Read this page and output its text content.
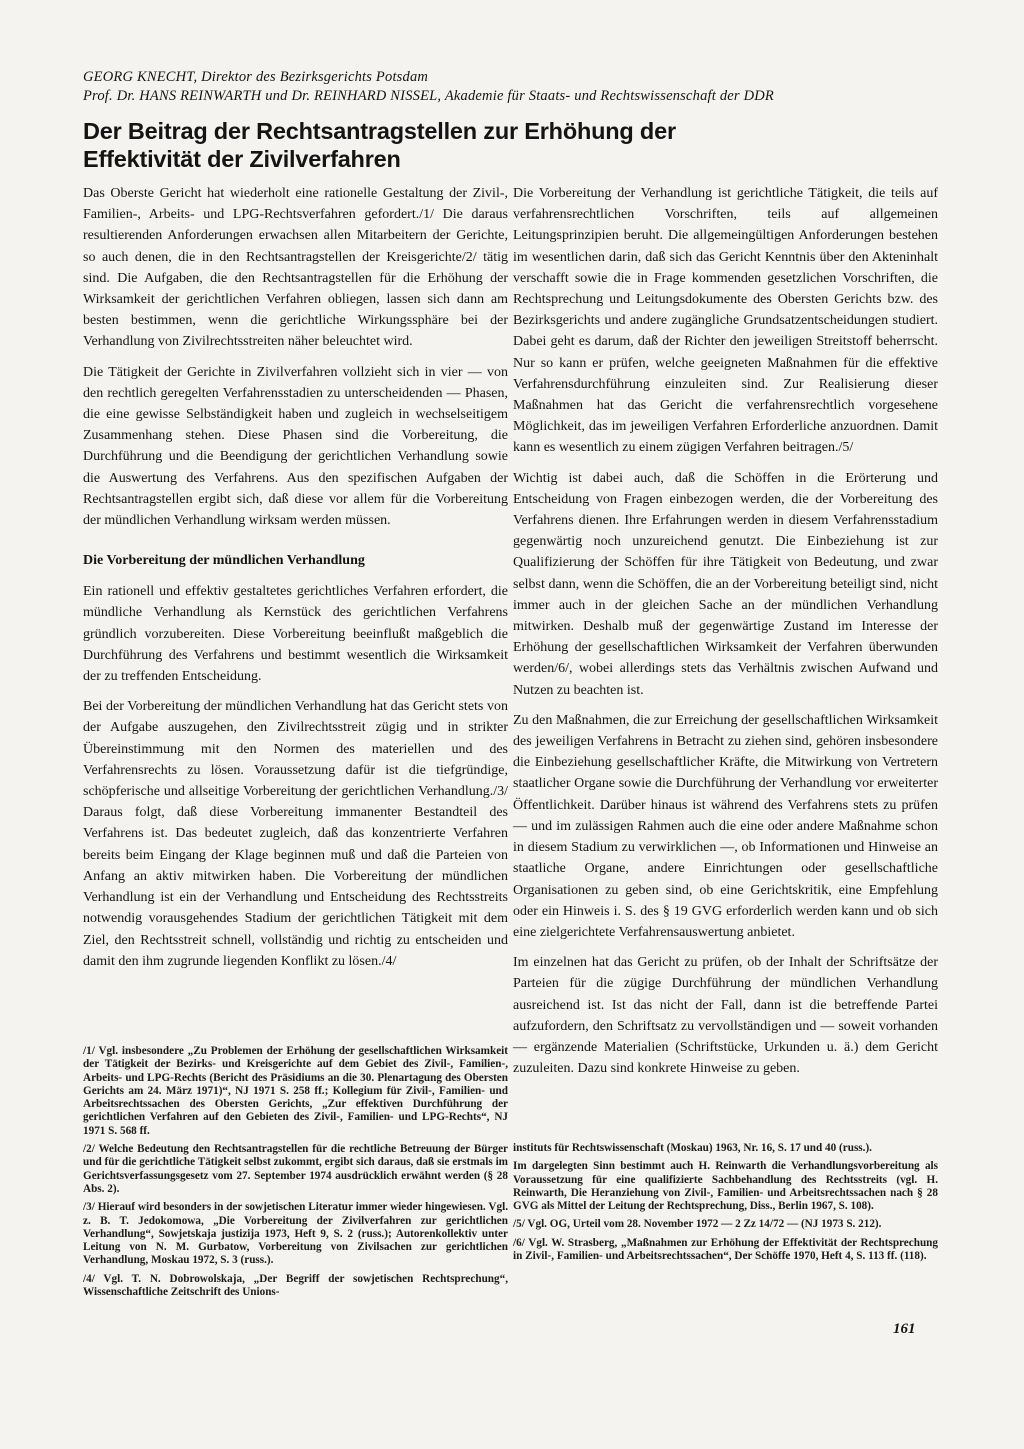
GEORG KNECHT, Direktor des Bezirksgerichts Potsdam

Prof. Dr. HANS REINWARTH und Dr. REINHARD NISSEL, Akademie für Staats- und Rechtswissenschaft der DDR

Der Beitrag der Rechtsantragstellen zur Erhöhung der Effektivität der Zivilverfahren

Das Oberste Gericht hat wiederholt eine rationelle Gestaltung der Zivil-, Familien-, Arbeits- und LPG-Rechtsverfahren gefordert./1/ Die daraus resultierenden Anforderungen erwachsen allen Mitarbeitern der Gerichte, so auch denen, die in den Rechtsantragstellen der Kreisgerichte/2/ tätig sind. Die Aufgaben, die den Rechtsantragstellen für die Erhöhung der Wirksamkeit der gerichtlichen Verfahren obliegen, lassen sich dann am besten bestimmen, wenn die gerichtliche Wirkungssphäre bei der Verhandlung von Zivilrechtsstreiten näher beleuchtet wird.

Die Tätigkeit der Gerichte in Zivilverfahren vollzieht sich in vier — von den rechtlich geregelten Verfahrensstadien zu unterscheidenden — Phasen, die eine gewisse Selbständigkeit haben und zugleich in wechselseitigem Zusammenhang stehen. Diese Phasen sind die Vorbereitung, die Durchführung und die Beendigung der gerichtlichen Verhandlung sowie die Auswertung des Verfahrens. Aus den spezifischen Aufgaben der Rechtsantragstellen ergibt sich, daß diese vor allem für die Vorbereitung der mündlichen Verhandlung wirksam werden müssen.

Die Vorbereitung der mündlichen Verhandlung

Ein rationell und effektiv gestaltetes gerichtliches Verfahren erfordert, die mündliche Verhandlung als Kernstück des gerichtlichen Verfahrens gründlich vorzubereiten. Diese Vorbereitung beeinflußt maßgeblich die Durchführung des Verfahrens und bestimmt wesentlich die Wirksamkeit der zu treffenden Entscheidung.

Bei der Vorbereitung der mündlichen Verhandlung hat das Gericht stets von der Aufgabe auszugehen, den Zivilrechtsstreit zügig und in strikter Übereinstimmung mit den Normen des materiellen und des Verfahrensrechts zu lösen. Voraussetzung dafür ist die tiefgründige, schöpferische und allseitige Vorbereitung der gerichtlichen Verhandlung./3/ Daraus folgt, daß diese Vorbereitung immanenter Bestandteil des Verfahrens ist. Das bedeutet zugleich, daß das konzentrierte Verfahren bereits beim Eingang der Klage beginnen muß und daß die Parteien von Anfang an aktiv mitwirken haben. Die Vorbereitung der mündlichen Verhandlung ist ein der Verhandlung und Entscheidung des Rechtsstreits notwendig vorausgehendes Stadium der gerichtlichen Tätigkeit mit dem Ziel, den Rechtsstreit schnell, vollständig und richtig zu entscheiden und damit den ihm zugrunde liegenden Konflikt zu lösen./4/

Die Vorbereitung der Verhandlung ist gerichtliche Tätigkeit, die teils auf verfahrensrechtlichen Vorschriften, teils auf allgemeinen Leitungsprinzipien beruht. Die allgemeingültigen Anforderungen bestehen im wesentlichen darin, daß sich das Gericht Kenntnis über den Akteninhalt verschafft sowie die in Frage kommenden gesetzlichen Vorschriften, die Rechtsprechung und Leitungsdokumente des Obersten Gerichts bzw. des Bezirksgerichts und andere zugängliche Grundsatzentscheidungen studiert. Dabei geht es darum, daß der Richter den jeweiligen Streitstoff beherrscht. Nur so kann er prüfen, welche geeigneten Maßnahmen für die effektive Verfahrensdurchführung einzuleiten sind. Zur Realisierung dieser Maßnahmen hat das Gericht die verfahrensrechtlich vorgesehene Möglichkeit, das im jeweiligen Verfahren Erforderliche anzuordnen. Damit kann es wesentlich zu einem zügigen Verfahren beitragen./5/

Wichtig ist dabei auch, daß die Schöffen in die Erörterung und Entscheidung von Fragen einbezogen werden, die der Vorbereitung des Verfahrens dienen. Ihre Erfahrungen werden in diesem Verfahrensstadium gegenwärtig noch unzureichend genutzt. Die Einbeziehung ist zur Qualifizierung der Schöffen für ihre Tätigkeit von Bedeutung, und zwar selbst dann, wenn die Schöffen, die an der Vorbereitung beteiligt sind, nicht immer auch in der gleichen Sache an der mündlichen Verhandlung mitwirken. Deshalb muß der gegenwärtige Zustand im Interesse der Erhöhung der gesellschaftlichen Wirksamkeit der Verfahren überwunden werden/6/, wobei allerdings stets das Verhältnis zwischen Aufwand und Nutzen zu beachten ist.

Zu den Maßnahmen, die zur Erreichung der gesellschaftlichen Wirksamkeit des jeweiligen Verfahrens in Betracht zu ziehen sind, gehören insbesondere die Einbeziehung gesellschaftlicher Kräfte, die Mitwirkung von Vertretern staatlicher Organe sowie die Durchführung der Verhandlung vor erweiterter Öffentlichkeit. Darüber hinaus ist während des Verfahrens stets zu prüfen — und im zulässigen Rahmen auch die eine oder andere Maßnahme schon in diesem Stadium zu verwirklichen —, ob Informationen und Hinweise an staatliche Organe, andere Einrichtungen oder gesellschaftliche Organisationen zu geben sind, ob eine Gerichtskritik, eine Empfehlung oder ein Hinweis i. S. des § 19 GVG erforderlich werden kann und ob sich eine zielgerichtete Verfahrensauswertung anbietet.

Im einzelnen hat das Gericht zu prüfen, ob der Inhalt der Schriftsätze der Parteien für die zügige Durchführung der mündlichen Verhandlung ausreichend ist. Ist das nicht der Fall, dann ist die betreffende Partei aufzufordern, den Schriftsatz zu vervollständigen und — soweit vorhanden — ergänzende Materialien (Schriftstücke, Urkunden u. ä.) dem Gericht zuzuleiten. Dazu sind konkrete Hinweise zu geben.

/1/ Vgl. insbesondere „Zu Problemen der Erhöhung der gesellschaftlichen Wirksamkeit der Tätigkeit der Bezirks- und Kreisgerichte auf dem Gebiet des Zivil-, Familien-, Arbeits- und LPG-Rechts (Bericht des Präsidiums an die 30. Plenartagung des Obersten Gerichts am 24. März 1971)“, NJ 1971 S. 258 ff.; Kollegium für Zivil-, Familien- und Arbeitsrechtssachen des Obersten Gerichts, „Zur effektiven Durchführung der gerichtlichen Verfahren auf den Gebieten des Zivil-, Familien- und LPG-Rechts“, NJ 1971 S. 568 ff.

/2/ Welche Bedeutung den Rechtsantragstellen für die rechtliche Betreuung der Bürger und für die gerichtliche Tätigkeit selbst zukommt, ergibt sich daraus, daß sie erstmals im Gerichtsverfassungsgesetz vom 27. September 1974 ausdrücklich erwähnt werden (§ 28 Abs. 2).

/3/ Hierauf wird besonders in der sowjetischen Literatur immer wieder hingewiesen. Vgl. z. B. T. Jedokomowa, „Die Vorbereitung der Zivilverfahren zur gerichtlichen Verhandlung“, Sowjetskaja justizija 1973, Heft 9, S. 2 (russ.); Autorenkollektiv unter Leitung von N. M. Gurbatow, Vorbereitung von Zivilsachen zur gerichtlichen Verhandlung, Moskau 1972, S. 3 (russ.).

/4/ Vgl. T. N. Dobrowolskaja, „Der Begriff der sowjetischen Rechtsprechung“, Wissenschaftliche Zeitschrift des Unions-

instituts für Rechtswissenschaft (Moskau) 1963, Nr. 16, S. 17 und 40 (russ.).

Im dargelegten Sinn bestimmt auch H. Reinwarth die Verhandlungsvorbereitung als Voraussetzung für eine qualifizierte Sachbehandlung des Rechtsstreits (vgl. H. Reinwarth, Die Heranziehung von Zivil-, Familien- und Arbeitsrechtssachen nach § 28 GVG als Mittel der Leitung der Rechtsprechung, Diss., Berlin 1967, S. 108).

/5/ Vgl. OG, Urteil vom 28. November 1972 — 2 Zz 14/72 — (NJ 1973 S. 212).

/6/ Vgl. W. Strasberg, „Maßnahmen zur Erhöhung der Effektivität der Rechtsprechung in Zivil-, Familien- und Arbeitsrechtssachen“, Der Schöffe 1970, Heft 4, S. 113 ff. (118).

161
